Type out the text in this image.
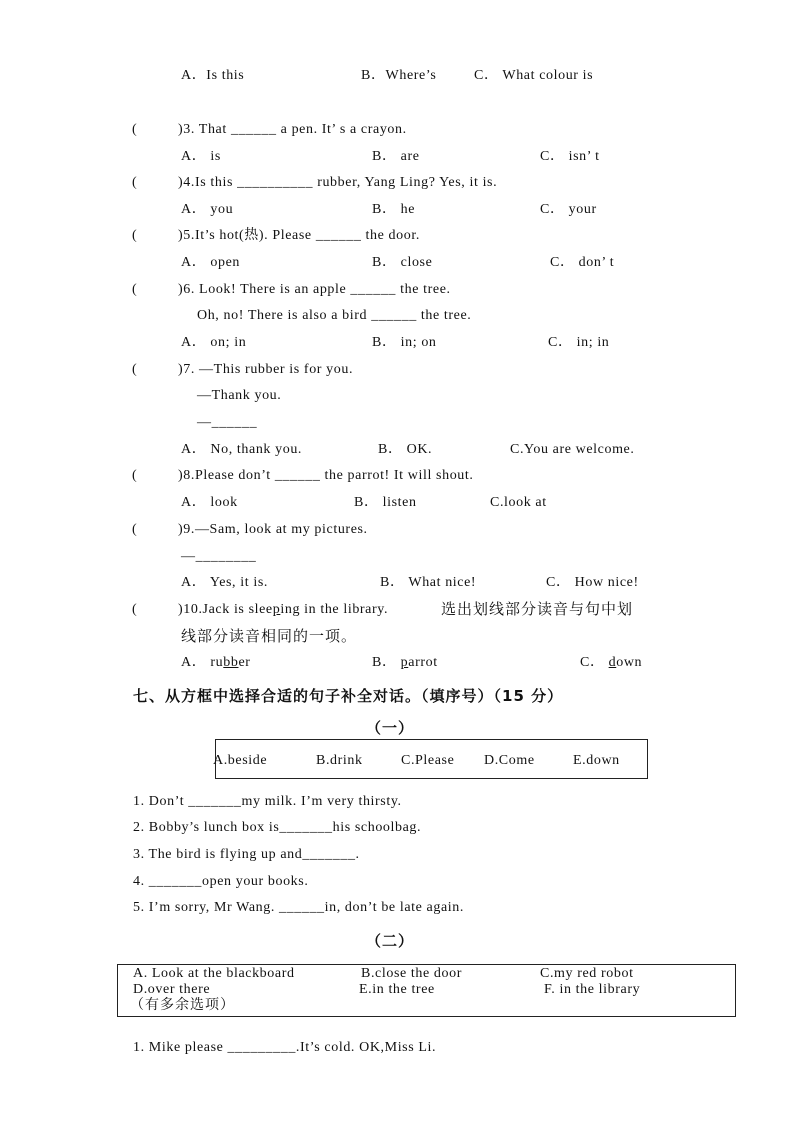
A．Is this	B．Where’s	C． What colour is
(	)3. That ______ a pen. It’ s a crayon.
A． is	B． are	C． isn’ t
(	)4.Is this __________ rubber, Yang Ling? Yes, it is.
A． you	B． he	C． your
(	)5.It’s hot(热). Please ______ the door.
A． open	B． close	C． don’ t
(	)6. Look! There is an apple ______ the tree.
Oh, no! There is also a bird ______ the tree.
A． on; in	B． in; on	C． in; in
(	)7. —This rubber is for you.
—Thank you.
—______
A． No, thank you.	B． OK.	C.You are welcome.
(	)8.Please don’t ______ the parrot! It will shout.
A． look	B． listen	C.look at
(	)9.—Sam, look at my pictures.
—________
A． Yes, it is.	B． What nice!	C． How nice!
(	)10.Jack is sleeping in the library.	选出划线部分读音与句中划
线部分读音相同的一项。
A． rubber	B． parrot	C． down
七、从方框中选择合适的句子补全对话。（填序号）（15 分）
（一）
A.beside	B.drink	C.Please D.Come	E.down
1. Don’t _______my milk. I’m very thirsty.
2. Bobby’s lunch box is_______his schoolbag.
3. The bird is flying up and_______.
4. _______open your books.
5. I’m sorry, Mr Wang. ______in, don’t be late again.
（二）
A. Look at the blackboard	B.close the door	C.my red robot
D.over there	E.in the tree	F. in the library
（有多余选项）
1. Mike please _________.It’s cold. OK,Miss Li.
